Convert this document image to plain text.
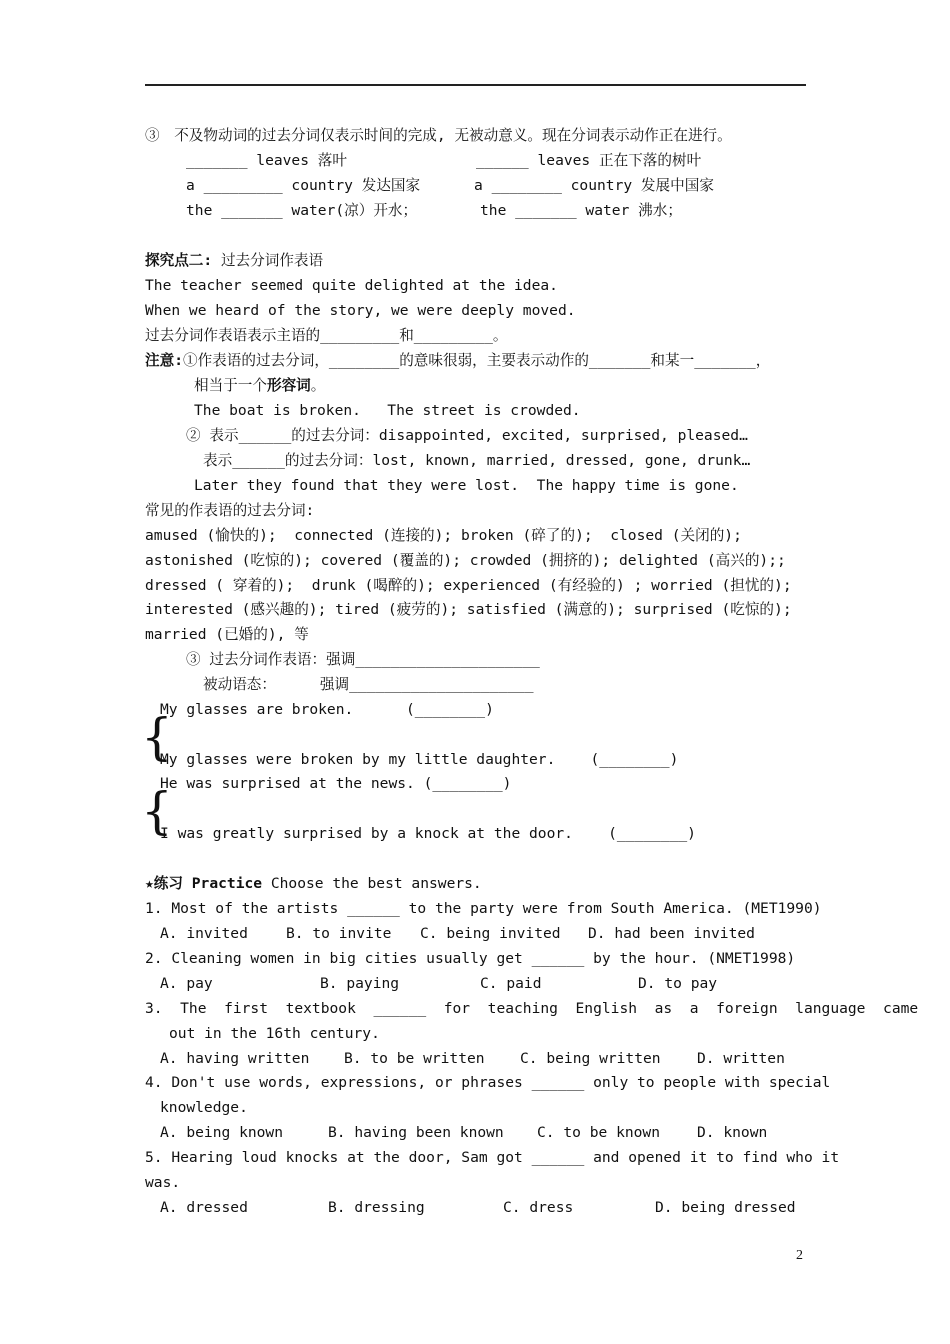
③　不及物动词的过去分词仅表示时间的完成, 无被动意义。现在分词表示动作正在进行。
_______ leaves 落叶	______ leaves 正在下落的树叶
a _________ country 发达国家	a ________ country 发展中国家
the _______ water(凉）开水；	the _______ water 沸水；
探究点二: 过去分词作表语
The teacher seemed quite delighted at the idea.
When we heard of the story, we were deeply moved.
过去分词作表语表示主语的_________和_________。
注意:①作表语的过去分词，________的意味很弱，主要表示动作的_______和某一_______，
相当于一个形容词。
The boat is broken.   The street is crowded.
② 表示______的过去分词：disappointed, excited, surprised, pleased…
表示______的过去分词：lost, known, married, dressed, gone, drunk…
Later they found that they were lost.  The happy time is gone.
常见的作表语的过去分词:
amused (愉快的);  connected (连接的); broken (碎了的);  closed (关闭的);
astonished (吃惊的); covered (覆盖的); crowded (拥挤的); delighted (高兴的);;
dressed ( 穿着的);  drunk (喝醉的); experienced (有经验的) ; worried (担忧的);
interested (感兴趣的); tired (疲劳的); satisfied (满意的); surprised (吃惊的);
married (已婚的), 等
③ 过去分词作表语：强调_____________________
被动语态：     强调_____________________
{
My glasses are broken.      (________)
My glasses were broken by my little daughter.    (________)
{
He was surprised at the news. (________)
I was greatly surprised by a knock at the door.    (________)
★练习 Practice Choose the best answers.
1. Most of the artists ______ to the party were from South America. (MET1990)
A. invited	B. to invite C. being invited D. had been invited
2. Cleaning women in big cities usually get ______ by the hour. (NMET1998)
A. pay	B. paying	C. paid	D. to pay
3.  The  first  textbook  ______  for  teaching  English  as  a  foreign  language  came
out in the 16th century.
A. having written B. to be written C. being written D. written
4. Don't use words, expressions, or phrases ______ only to people with special
knowledge.
A. being known	B. having been known C. to be known	D. known
5. Hearing loud knocks at the door, Sam got ______ and opened it to find who it
was.
A. dressed	B. dressing	C. dress	D. being dressed
2
